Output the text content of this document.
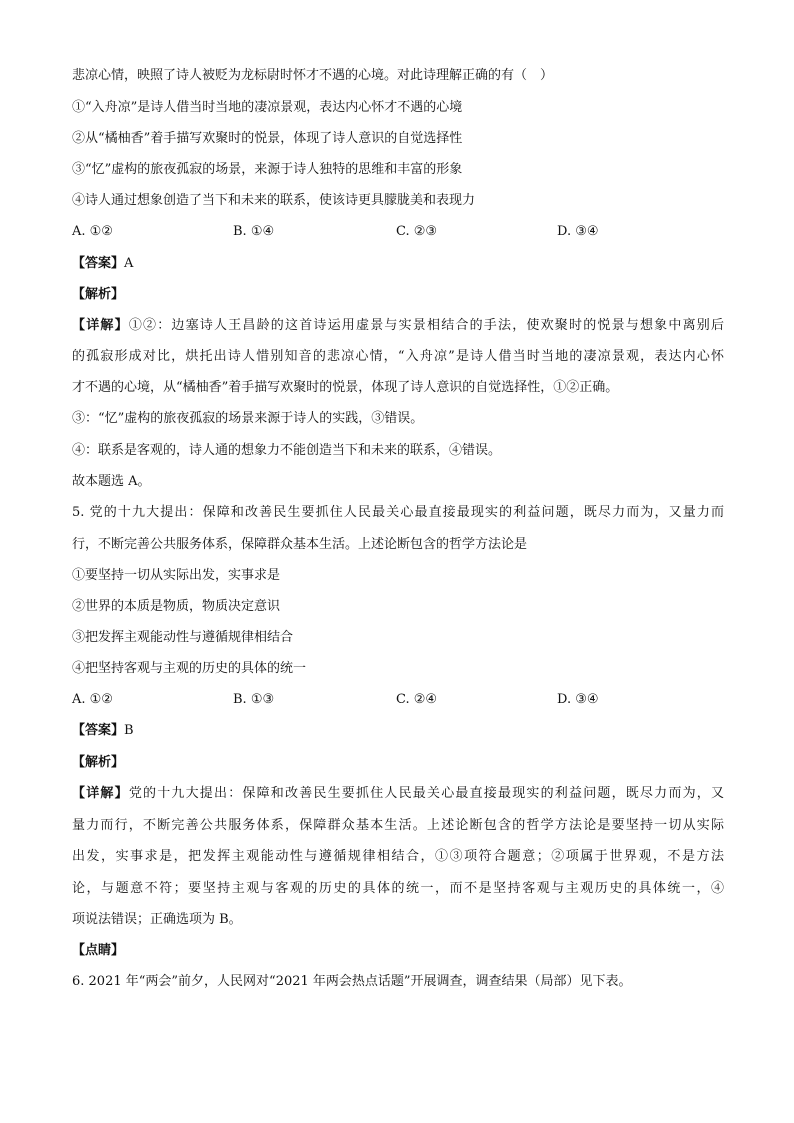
悲凉心情，映照了诗人被贬为龙标尉时怀才不遇的心境。对此诗理解正确的有（　）
①“入舟凉”是诗人借当时当地的凄凉景观，表达内心怀才不遇的心境
②从“橘柚香”着手描写欢聚时的悦景，体现了诗人意识的自觉选择性
③“忆”虚构的旅夜孤寂的场景，来源于诗人独特的思维和丰富的形象
④诗人通过想象创造了当下和未来的联系，使该诗更具朦胧美和表现力
A. ①②	B. ①④	C. ②③	D. ③④
【答案】A
【解析】
【详解】①②：边塞诗人王昌龄的这首诗运用虚景与实景相结合的手法，使欢聚时的悦景与想象中离别后
的孤寂形成对比，烘托出诗人惜别知音的悲凉心情，“入舟凉”是诗人借当时当地的凄凉景观，表达内心怀
才不遇的心境，从“橘柚香”着手描写欢聚时的悦景，体现了诗人意识的自觉选择性，①②正确。
③：“忆”虚构的旅夜孤寂的场景来源于诗人的实践，③错误。
④：联系是客观的，诗人通的想象力不能创造当下和未来的联系，④错误。
故本题选 A。
5. 党的十九大提出：保障和改善民生要抓住人民最关心最直接最现实的利益问题，既尽力而为，又量力而
行，不断完善公共服务体系，保障群众基本生活。上述论断包含的哲学方法论是
①要坚持一切从实际出发，实事求是
②世界的本质是物质，物质决定意识
③把发挥主观能动性与遵循规律相结合
④把坚持客观与主观的历史的具体的统一
A. ①②	B. ①③	C. ②④	D. ③④
【答案】B
【解析】
【详解】党的十九大提出：保障和改善民生要抓住人民最关心最直接最现实的利益问题，既尽力而为，又
量力而行，不断完善公共服务体系，保障群众基本生活。上述论断包含的哲学方法论是要坚持一切从实际
出发，实事求是，把发挥主观能动性与遵循规律相结合，①③项符合题意；②项属于世界观，不是方法
论，与题意不符；要坚持主观与客观的历史的具体的统一，而不是坚持客观与主观历史的具体统一，④
项说法错误；正确选项为 B。
【点睛】
6. 2021 年“两会”前夕，人民网对“2021 年两会热点话题”开展调查，调查结果（局部）见下表。
